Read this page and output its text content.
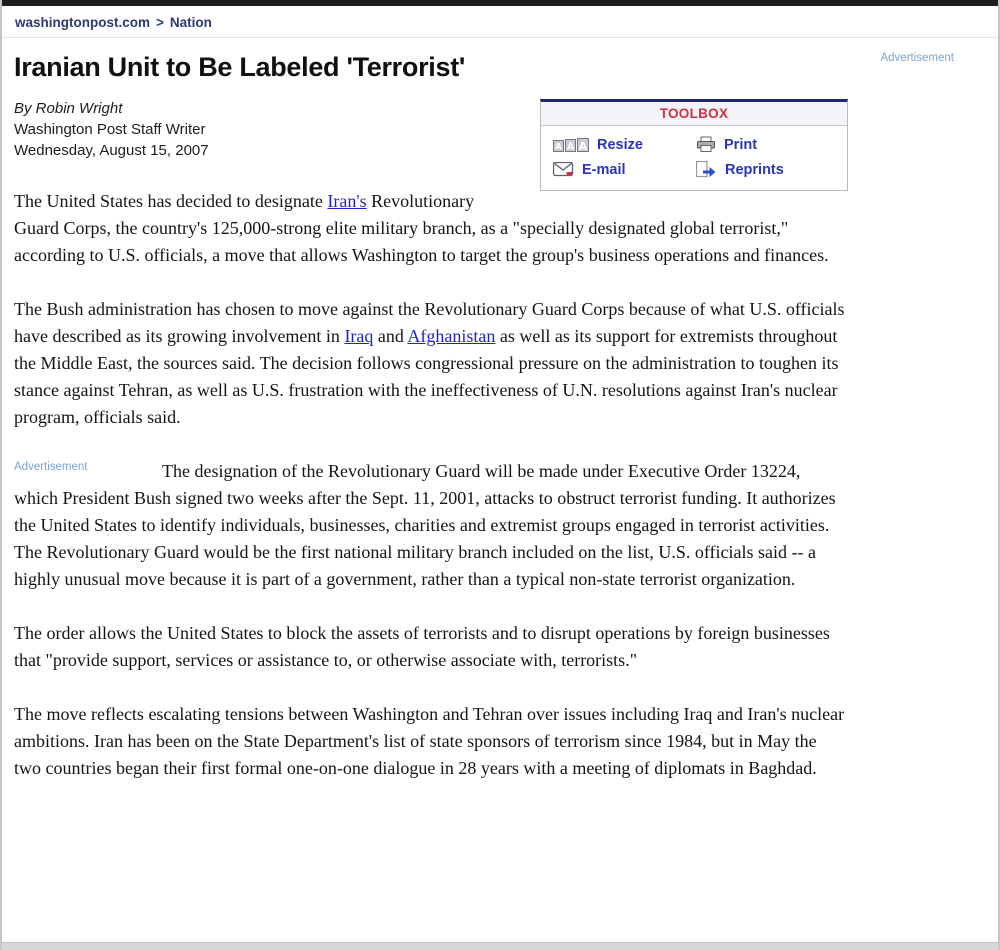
washingtonpost.com > Nation
Advertisement
Iranian Unit to Be Labeled 'Terrorist'
TOOLBOX
A A A Resize	Print
E-mail	Reprints
By Robin Wright
Washington Post Staff Writer
Wednesday, August 15, 2007

The United States has decided to designate Iran's Revolutionary Guard Corps, the country's 125,000-strong elite military branch, as a "specially designated global terrorist," according to U.S. officials, a move that allows Washington to target the group's business operations and finances.

The Bush administration has chosen to move against the Revolutionary Guard Corps because of what U.S. officials have described as its growing involvement in Iraq and Afghanistan as well as its support for extremists throughout the Middle East, the sources said. The decision follows congressional pressure on the administration to toughen its stance against Tehran, as well as U.S. frustration with the ineffectiveness of U.N. resolutions against Iran's nuclear program, officials said.

Advertisement	The designation of the Revolutionary Guard will be made under Executive Order 13224, which President Bush signed two weeks after the Sept. 11, 2001, attacks to obstruct terrorist funding. It authorizes the United States to identify individuals, businesses, charities and extremist groups engaged in terrorist activities. The Revolutionary Guard would be the first national military branch included on the list, U.S. officials said -- a highly unusual move because it is part of a government, rather than a typical non-state terrorist organization.

The order allows the United States to block the assets of terrorists and to disrupt operations by foreign businesses that "provide support, services or assistance to, or otherwise associate with, terrorists."

The move reflects escalating tensions between Washington and Tehran over issues including Iraq and Iran's nuclear ambitions. Iran has been on the State Department's list of state sponsors of terrorism since 1984, but in May the two countries began their first formal one-on-one dialogue in 28 years with a meeting of diplomats in Baghdad.
